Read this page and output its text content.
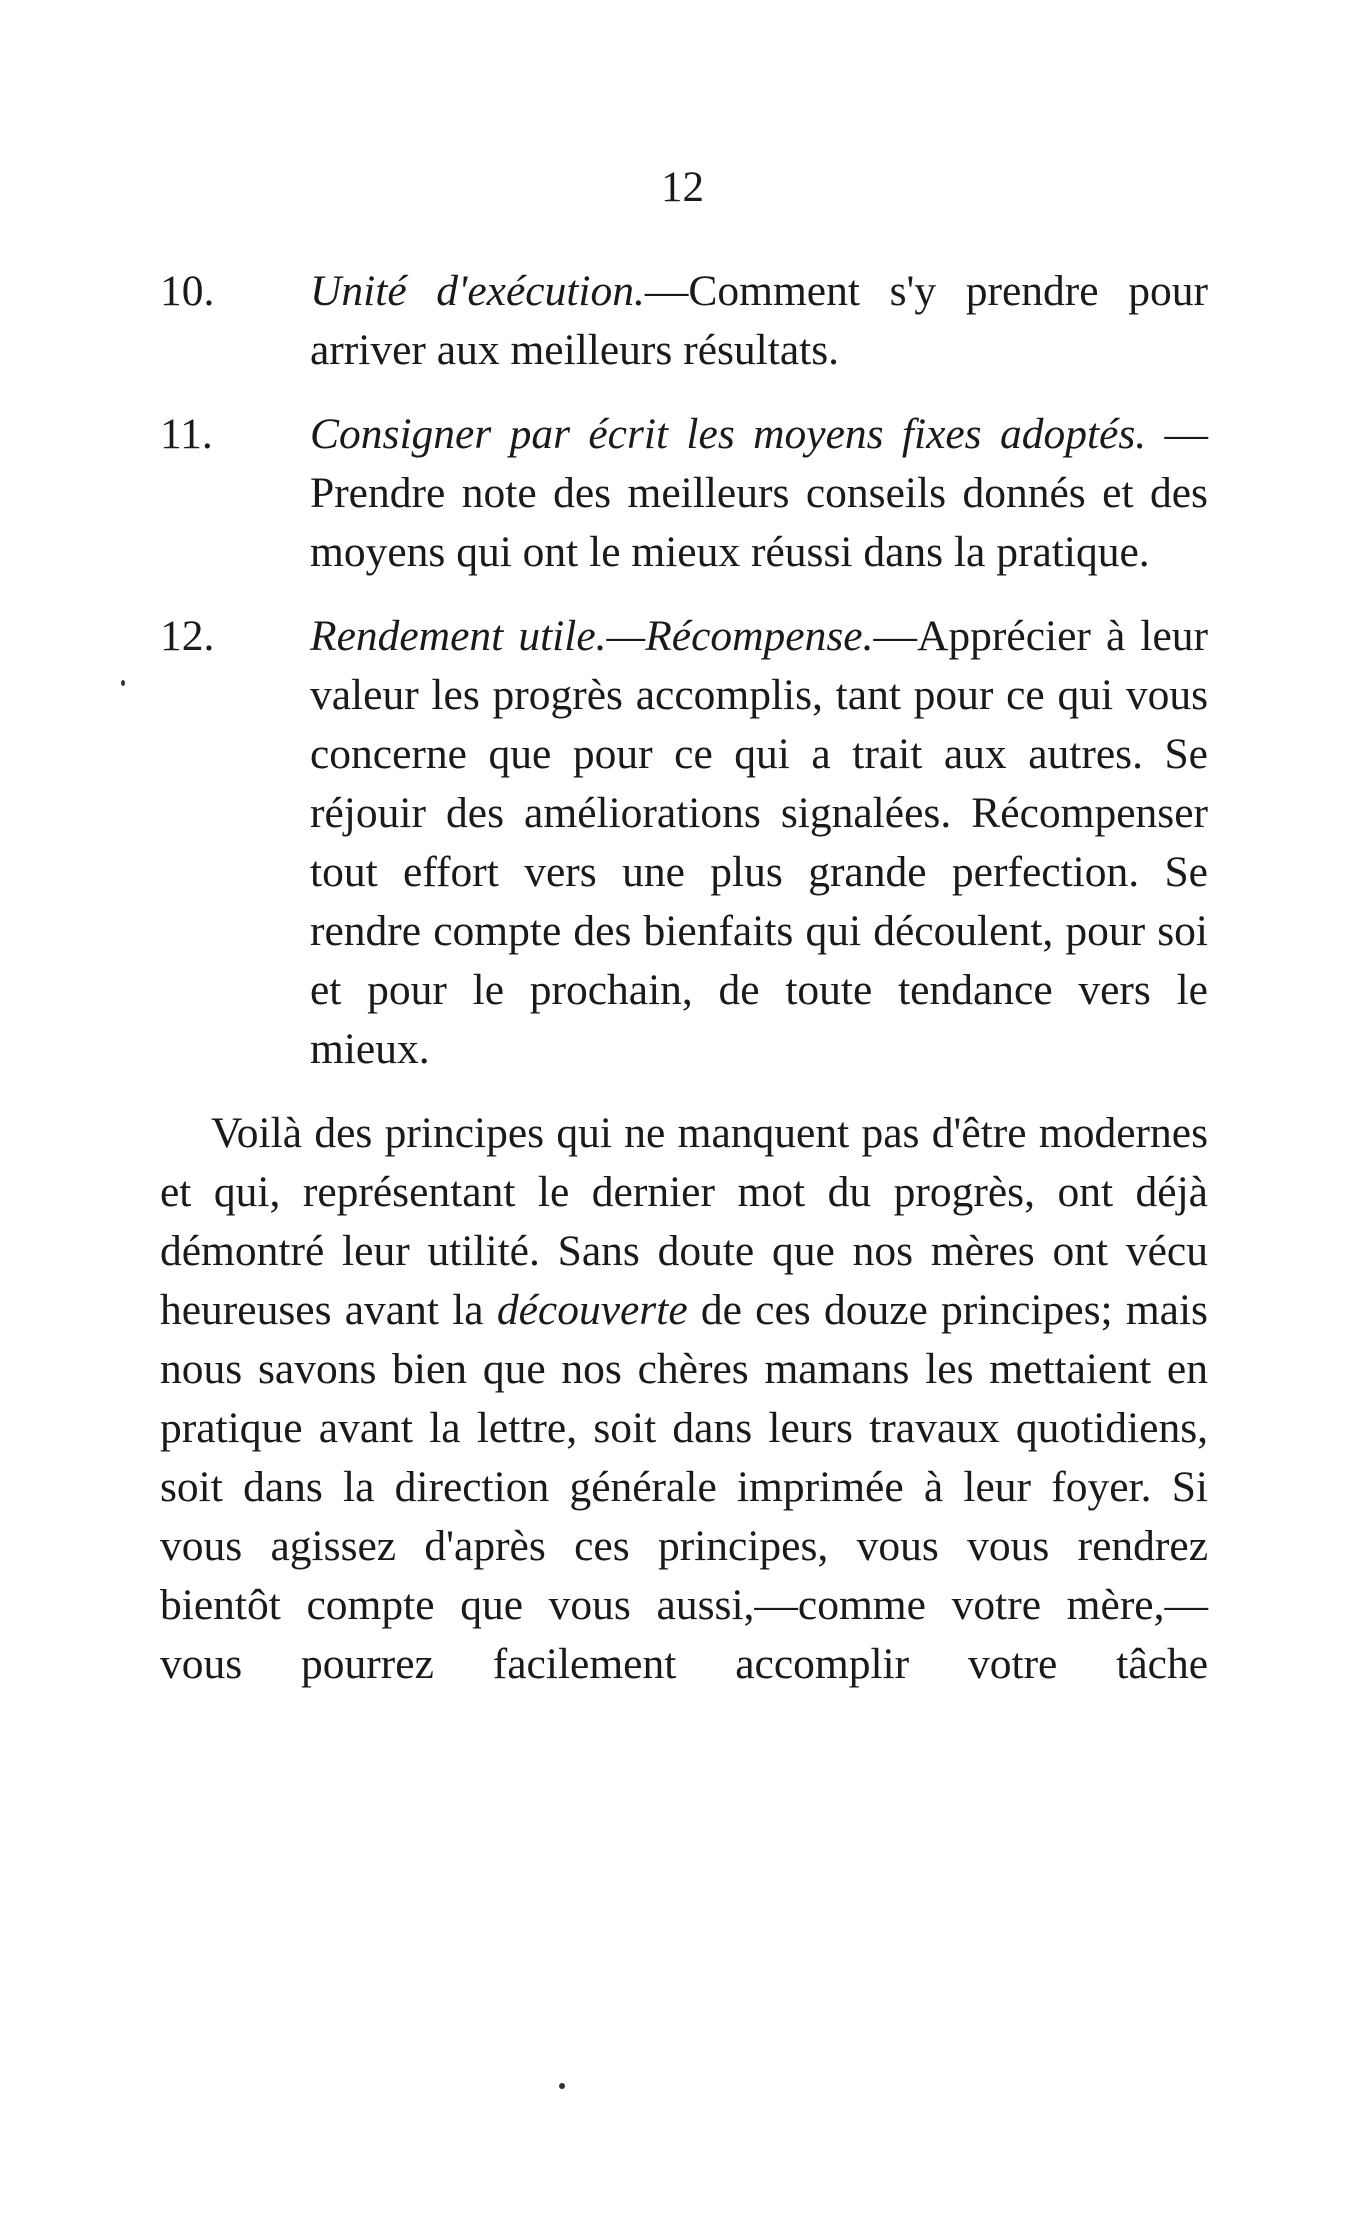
12
10. Unité d'exécution.—Comment s'y prendre pour arriver aux meilleurs résultats.
11. Consigner par écrit les moyens fixes adoptés. —Prendre note des meilleurs conseils donnés et des moyens qui ont le mieux réussi dans la pratique.
12. Rendement utile.—Récompense.—Apprécier à leur valeur les progrès accomplis, tant pour ce qui vous concerne que pour ce qui a trait aux autres. Se réjouir des améliorations signalées. Récompenser tout effort vers une plus grande perfection. Se rendre compte des bienfaits qui découlent, pour soi et pour le prochain, de toute tendance vers le mieux.

Voilà des principes qui ne manquent pas d'être modernes et qui, représentant le dernier mot du progrès, ont déjà démontré leur utilité. Sans doute que nos mères ont vécu heureuses avant la découverte de ces douze principes; mais nous savons bien que nos chères mamans les mettaient en pratique avant la lettre, soit dans leurs travaux quotidiens, soit dans la direction générale imprimée à leur foyer. Si vous agissez d'après ces principes, vous vous rendrez bientôt compte que vous aussi,—comme votre mère,— vous pourrez facilement accomplir votre tâche
